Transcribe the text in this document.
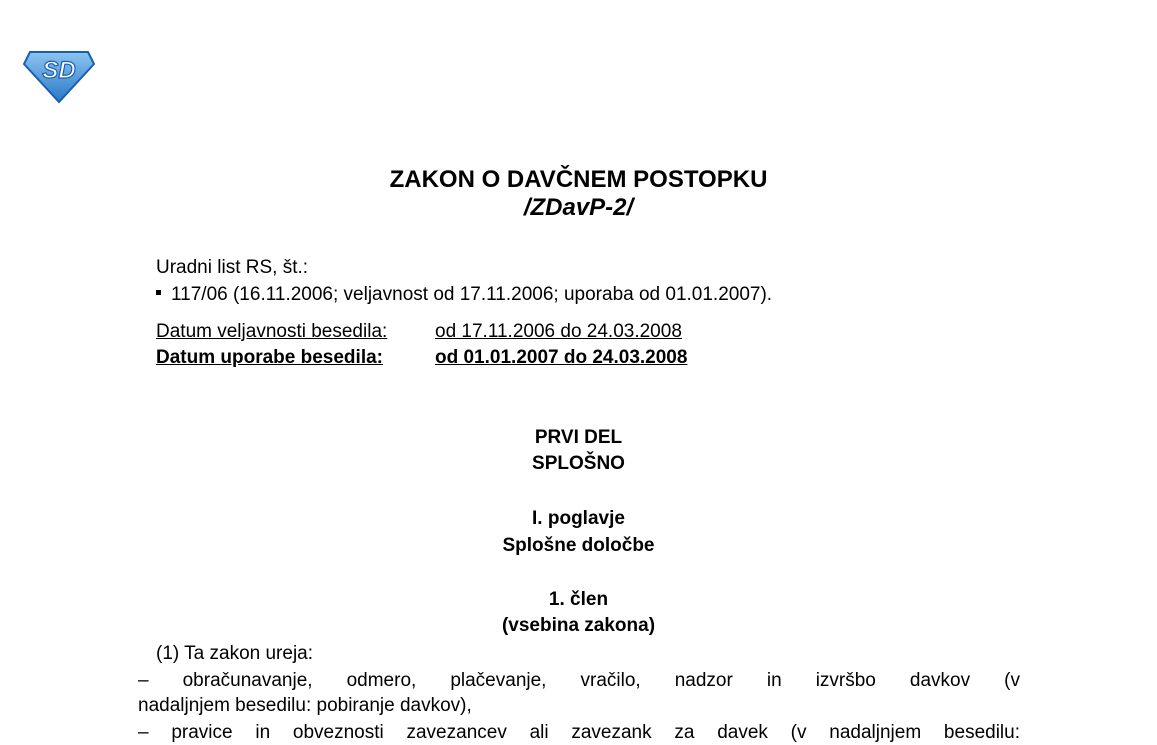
SD
ZAKON O DAVČNEM POSTOPKU
/ZDavP-2/
Uradni list RS, št.:
117/06 (16.11.2006; veljavnost od 17.11.2006; uporaba od 01.01.2007).
Datum veljavnosti besedila:	od 17.11.2006 do 24.03.2008
Datum uporabe besedila:	od 01.01.2007 do 24.03.2008
PRVI DEL
SPLOŠNO
I. poglavje
Splošne določbe
1. člen
(vsebina zakona)
(1) Ta zakon ureja:
– obračunavanje, odmero, plačevanje, vračilo, nadzor in izvršbo davkov (v
nadaljnjem besedilu: pobiranje davkov),
– pravice in obveznosti zavezancev ali zavezank za davek (v nadaljnjem besedilu:
